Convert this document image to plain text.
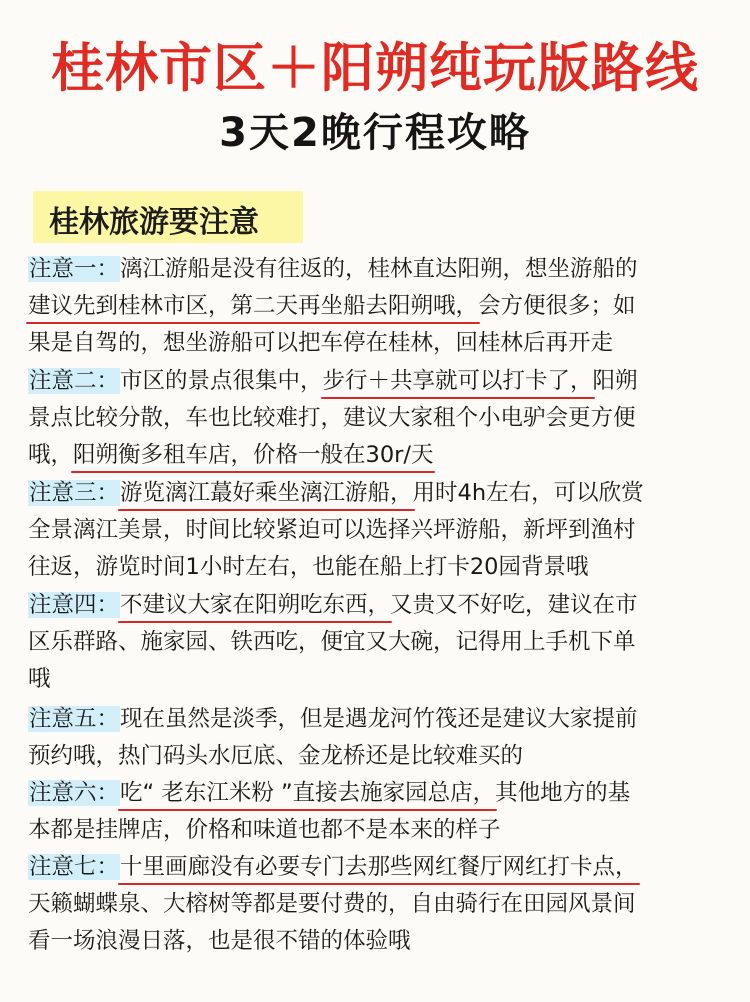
桂林市区＋阳朔纯玩版路线
3天2晚行程攻略
桂林旅游要注意
注意一：漓江游船是没有往返的，桂林直达阳朔，想坐游船的
建议先到桂林市区，第二天再坐船去阳朔哦，会方便很多；如
果是自驾的，想坐游船可以把车停在桂林，回桂林后再开走
注意二：市区的景点很集中，步行＋共享就可以打卡了，阳朔
景点比较分散，车也比较难打，建议大家租个小电驴会更方便
哦，阳朔衡多租车店，价格一般在30r/天
注意三：游览漓江蕞好乘坐漓江游船，用时4h左右，可以欣赏
全景漓江美景，时间比较紧迫可以选择兴坪游船，新坪到渔村
往返，游览时间1小时左右，也能在船上打卡20园背景哦
注意四：不建议大家在阳朔吃东西，又贵又不好吃，建议在市
区乐群路、施家园、铁西吃，便宜又大碗，记得用上手机下单
哦
注意五：现在虽然是淡季，但是遇龙河竹筏还是建议大家提前
预约哦，热门码头水厄底、金龙桥还是比较难买的
注意六：吃“ 老东江米粉 ”直接去施家园总店，其他地方的基
本都是挂牌店，价格和味道也都不是本来的样子
注意七：十里画廊没有必要专门去那些网红餐厅网红打卡点，
天籁蝴蝶泉、大榕树等都是要付费的，自由骑行在田园风景间
看一场浪漫日落，也是很不错的体验哦
